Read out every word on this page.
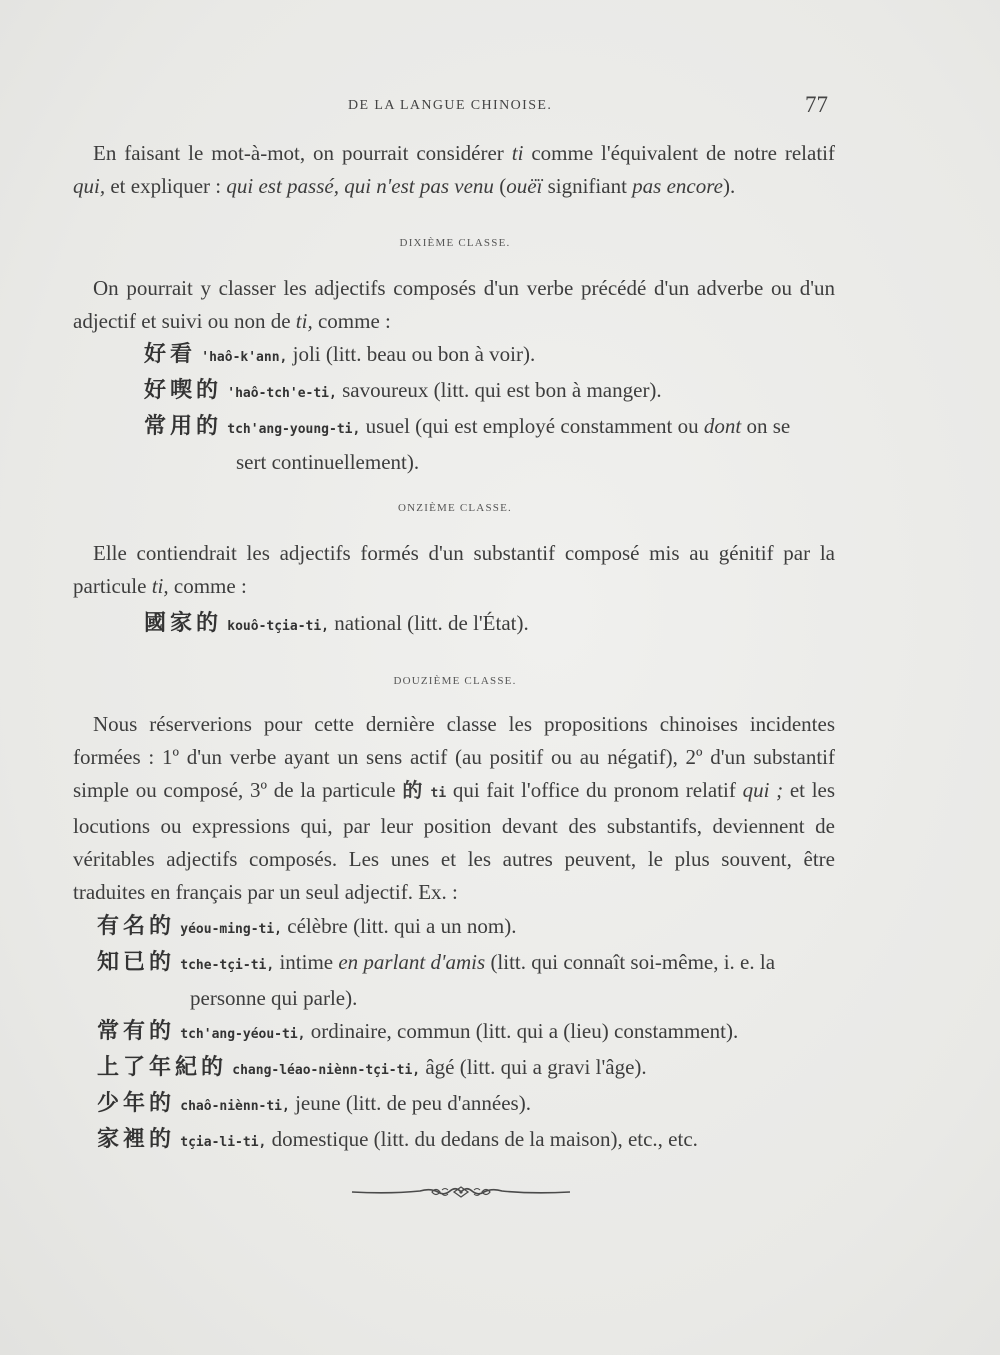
DE LA LANGUE CHINOISE.	77

En faisant le mot-à-mot, on pourrait considérer ti comme l'équivalent de notre relatif qui, et expliquer : qui est passé, qui n'est pas venu (ouëï signifiant pas encore).

DIXIÈME CLASSE.

On pourrait y classer les adjectifs composés d'un verbe précédé d'un adverbe ou d'un adjectif et suivi ou non de ti, comme :

好看 'haô-k'ann, joli (litt. beau ou bon à voir).
好喫的 'haô-tch'e-ti, savoureux (litt. qui est bon à manger).
常用的 tch'ang-young-ti, usuel (qui est employé constamment ou dont on se
sert continuellement).
ONZIÈME CLASSE.

Elle contiendrait les adjectifs formés d'un substantif composé mis au génitif par la particule ti, comme :

國家的 kouô-tçia-ti, national (litt. de l'État).
DOUZIÈME CLASSE.

Nous réserverions pour cette dernière classe les propositions chinoises incidentes formées : 1º d'un verbe ayant un sens actif (au positif ou au négatif), 2º d'un substantif simple ou composé, 3º de la particule 的 ti qui fait l'office du pronom relatif qui ; et les locutions ou expressions qui, par leur position devant des substantifs, deviennent de véritables adjectifs composés. Les unes et les autres peuvent, le plus souvent, être traduites en français par un seul adjectif. Ex. :

有名的 yéou-ming-ti, célèbre (litt. qui a un nom).
知已的 tche-tçi-ti, intime en parlant d'amis (litt. qui connaît soi-même, i. e. la
personne qui parle).
常有的 tch'ang-yéou-ti, ordinaire, commun (litt. qui a (lieu) constamment).
上了年紀的 chang-léao-niènn-tçi-ti, âgé (litt. qui a gravi l'âge).
少年的 chaô-niènn-ti, jeune (litt. de peu d'années).
家裡的 tçia-li-ti, domestique (litt. du dedans de la maison), etc., etc.
